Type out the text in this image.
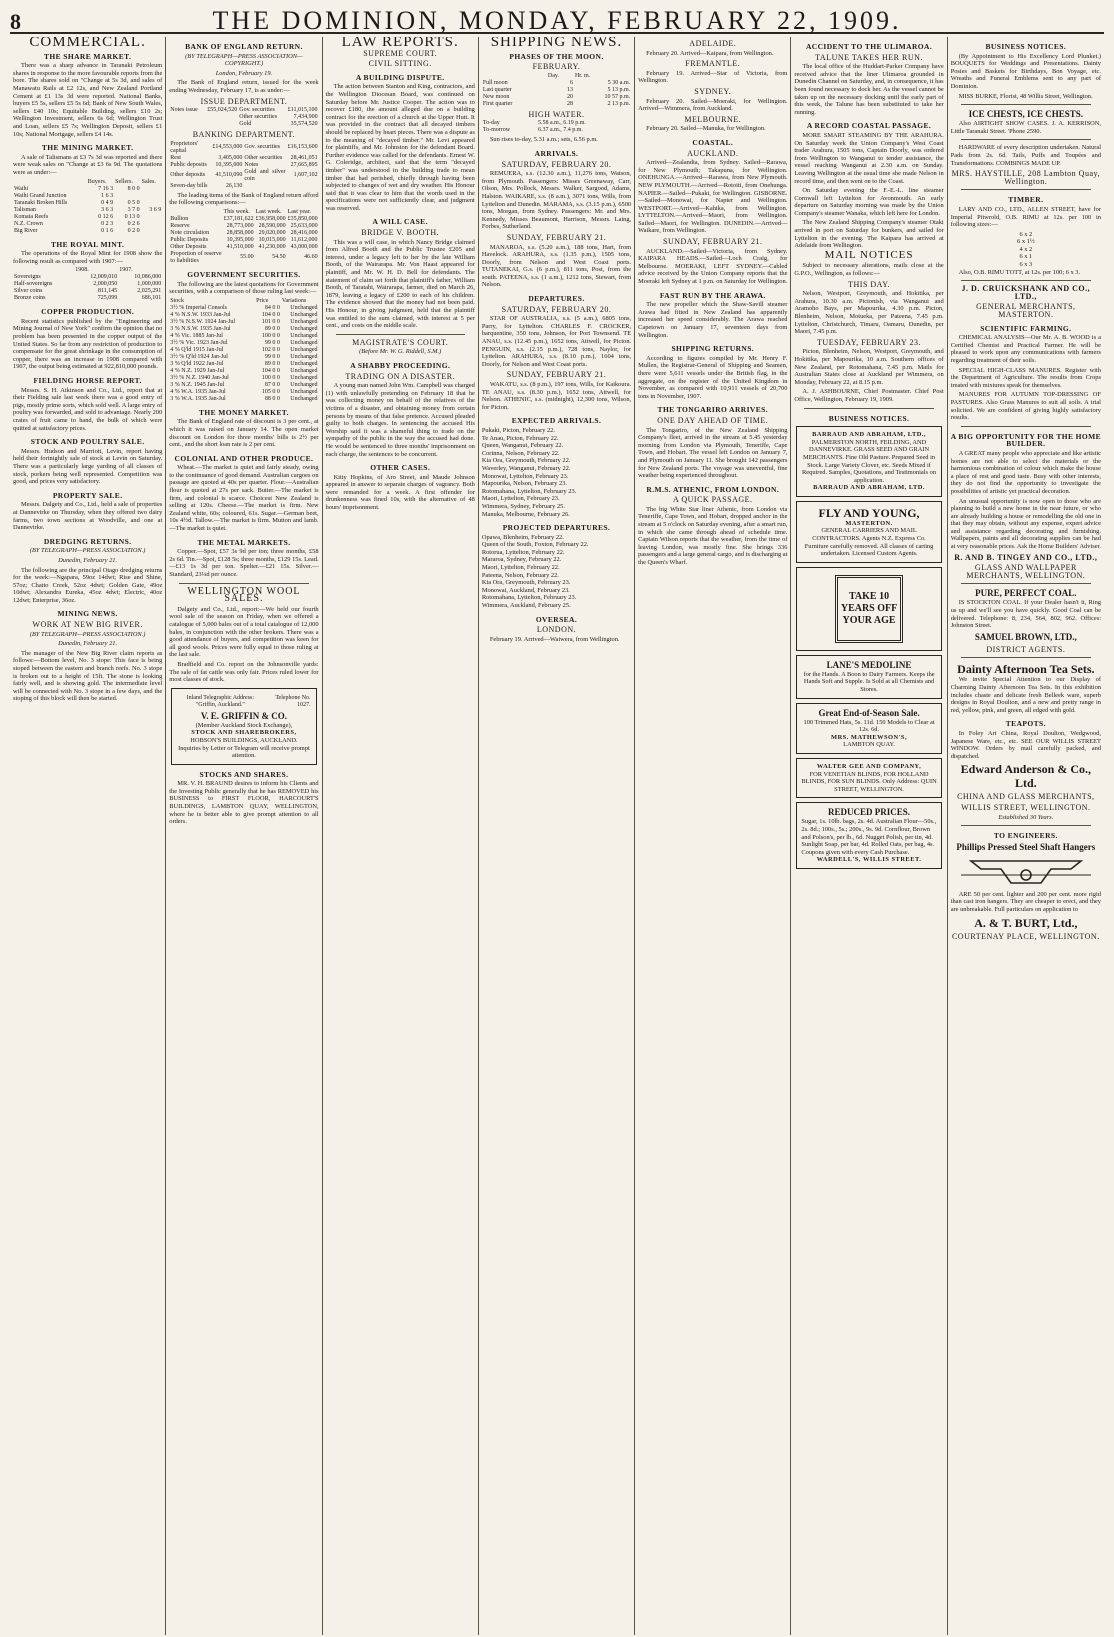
8	THE DOMINION, MONDAY, FEBRUARY 22, 1909.
COMMERCIAL.
THE SHARE MARKET.

There was a sharp advance in Taranaki Petroleum shares in response to the more favourable reports from the bore. The shares sold on "Change at 5s 3d, and sales of Manawatu Rails at £2 12s, and New Zealand Portland Cement at £1 13s 3d were reported. National Banks, buyers £5 5s, sellers £5 5s 6d; Bank of New South Wales, sellers £40 10s; Equitable Building, sellers £10 2s; Wellington Investment, sellers 6s 6d; Wellington Trust and Loan, sellers £5 7s; Wellington Deposit, sellers £1 10s; National Mortgage, sellers £4 14s.

THE MINING MARKET.

A sale of Talismans at £3 7s 3d was reported and there were weak sales on "Change at £3 6s 9d. The quotations were as under:—

	Buyers.	Sellers.	Sales.
Waihi	7 16 3	8 0 0	
Waihi Grand Junction	1 6 3		
Taranaki Broken Hills	0 4 9	0 5 0	
Talisman	3 6 3	3 7 0	3 6 9
Komata Reefs	0 12 6	0 13 0	
N.Z. Crown	0 2 3	0 2 6	
Big River	0 1 6	0 2 0	
THE ROYAL MINT.

The operations of the Royal Mint for 1908 show the following result as compared with 1907:—

	1908.	1907.
Sovereigns	12,009,010	10,086,000
Half-sovereigns	2,000,050	1,000,000
Silver coins	811,145	2,025,291
Bronze coins	725,099	686,101
COPPER PRODUCTION.

Recent statistics published by the "Engineering and Mining Journal of New York" confirm the opinion that no problem has been presented in the copper output of the United States. So far from any restriction of production to compensate for the great shrinkage in the consumption of copper, there was an increase in 1908 compared with 1907, the output being estimated at 922,810,000 pounds.

FIELDING HORSE REPORT.

Messrs. S. H. Atkinson and Co., Ltd., report that at their Fielding sale last week there was a good entry of pigs, mostly prime sorts, which sold well. A large entry of poultry was forwarded, and sold to advantage. Nearly 200 crates of fruit came to hand, the bulk of which were quitted at satisfactory prices.

STOCK AND POULTRY SALE.

Messrs. Hudson and Marriott, Levin, report having held their fortnightly sale of stock at Levin on Saturday. There was a particularly large yarding of all classes of stock, porkers being well represented. Competition was good, and prices very satisfactory.

PROPERTY SALE.

Messrs. Dalgety and Co., Ltd., held a sale of properties at Dannevirke on Thursday, when they offered two dairy farms, two town sections at Woodville, and one at Dannevirke.

DREDGING RETURNS.
(BY TELEGRAPH—PRESS ASSOCIATION.)
Dunedin, February 21.

The following are the principal Otago dredging returns for the week:—Ngapara, 59oz 14dwt; Rise and Shine, 57oz; Chatto Creek, 52oz 4dwt; Golden Gate, 49oz 10dwt; Alexandra Eureka, 45oz 4dwt; Electric, 40oz 12dwt; Enterprise, 36oz.

MINING NEWS.
WORK AT NEW BIG RIVER.
(BY TELEGRAPH—PRESS ASSOCIATION.)
Dunedin, February 21.

The manager of the New Big River claim reports as follows:—Bottom level, No. 3 stope: This face is being stoped between the eastern and branch reefs. No. 3 stope is broken out to a height of 15ft. The stone is looking fairly well, and is showing gold. The intermediate level will be connected with No. 3 stope in a few days, and the stoping of this block will then be started.

BANK OF ENGLAND RETURN.
(BY TELEGRAPH—PRESS ASSOCIATION—COPYRIGHT.)
London, February 19.

The Bank of England return, issued for the week ending Wednesday, February 17, is as under:—

ISSUE DEPARTMENT.
Notes issue	£55,024,520	Gov. securities	£11,015,100
		Other securities	7,434,900
		Gold	35,574,520
BANKING DEPARTMENT.
Proprietors' capital	£14,553,000	Gov. securities	£16,153,600
Rest	3,405,000	Other securities	28,461,051
Public deposits	10,395,000	Notes	27,665,895
Other deposits	41,510,090	Gold and silver coin	1,607,102
Seven-day bills	26,130		

The leading items of the Bank of England return afford the following comparisons:—

	This week.	Last week.	Last year.
Bullion	£37,181,622	£36,958,000	£35,850,000
Reserve	28,773,000	28,590,000	25,633,000
Note circulation	28,858,000	29,020,000	28,416,000
Public Deposits	10,395,000	10,015,000	11,612,000
Other Deposits	41,510,000	41,230,000	43,000,000
Proportion of reserve to liabilities	55.00	54.50	46.60
GOVERNMENT SECURITIES.

The following are the latest quotations for Government securities, with a comparison of those ruling last week:—

Stock	Price	Variations
3½ % Imperial Consols	84 0 0	Unchanged
4 % N.S.W. 1933 Jan-Jul	104 0 0	Unchanged
3½ % N.S.W. 1924 Jan-Jul	101 0 0	Unchanged
3 % N.S.W. 1935 Jan-Jul	89 0 0	Unchanged
4 % Vic. 1885 Jan-Jul	100 0 0	Unchanged
3½ % Vic. 1923 Jan-Jul	99 0 0	Unchanged
4 % Q'ld 1915 Jan-Jul	102 0 0	Unchanged
3½ % Q'ld 1924 Jan-Jul	99 0 0	Unchanged
3 % Q'ld 1922 Jan-Jul	89 0 0	Unchanged
4 % N.Z. 1929 Jan-Jul	104 0 0	Unchanged
3½ % N.Z. 1940 Jan-Jul	100 0 0	Unchanged
3 % N.Z. 1945 Jan-Jul	87 0 0	Unchanged
4 % W.A. 1935 Jan-Jul	105 0 0	Unchanged
3 % W.A. 1935 Jan-Jul	88 0 0	Unchanged
THE MONEY MARKET.

The Bank of England rate of discount is 3 per cent., at which it was raised on January 14. The open market discount on London for three months' bills is 2½ per cent., and the short loan rate is 2 per cent.

COLONIAL AND OTHER PRODUCE.

Wheat.—The market is quiet and fairly steady, owing to the continuance of good demand. Australian cargoes on passage are quoted at 40s per quarter. Flour.—Australian flour is quoted at 27s per sack. Butter.—The market is firm, and colonial is scarce. Choicest New Zealand is selling at 120s. Cheese.—The market is firm. New Zealand white, 60s; coloured, 61s. Sugar.—German beet, 10s 4½d. Tallow.—The market is firm. Mutton and lamb.—The market is quiet.

THE METAL MARKETS.

Copper.—Spot, £57 3s 9d per ton; three months, £58 2s 6d. Tin.—Spot, £128 5s; three months, £129 15s. Lead.—£13 1s 3d per ton. Spelter.—£21 15s. Silver.—Standard, 23¼d per ounce.

WELLINGTON WOOL SALES.

Dalgety and Co., Ltd., report:—We held our fourth wool sale of the season on Friday, when we offered a catalogue of 5,000 bales out of a total catalogue of 12,000 bales, in conjunction with the other brokers. There was a good attendance of buyers, and competition was keen for all good wools. Prices were fully equal to those ruling at the last sale.

Bradfield and Co. report on the Johnsonville yards: The sale of fat cattle was only fair. Prices ruled lower for most classes of stock.

Inland Telegraphic Address:	Telephone No.
"Griffin, Auckland."	1027.
V. E. GRIFFIN & CO.
(Member Auckland Stock Exchange),
STOCK AND SHAREBROKERS,
HOBSON'S BUILDINGS, AUCKLAND.
Inquiries by Letter or Telegram will receive prompt attention.
STOCKS AND SHARES.

MR. V. H. BRAUND desires to inform his Clients and the Investing Public generally that he has REMOVED his BUSINESS to FIRST FLOOR, HARCOURT'S BUILDINGS, LAMBTON QUAY, WELLINGTON, where he is better able to give prompt attention to all orders.

LAW REPORTS.
SUPREME COURT.
CIVIL SITTING.
A BUILDING DISPUTE.

The action between Stanton and King, contractors, and the Wellington Diocesan Board, was continued on Saturday before Mr. Justice Cooper. The action was to recover £180, the amount alleged due on a building contract for the erection of a church at the Upper Hutt. It was provided in the contract that all decayed timbers should be replaced by heart pieces. There was a dispute as to the meaning of "decayed timber." Mr. Levi appeared for plaintiffs, and Mr. Johnston for the defendant Board. Further evidence was called for the defendants. Ernest W. G. Coleridge, architect, said that the term "decayed timber" was understood in the building trade to mean timber that had perished, chiefly through having been subjected to changes of wet and dry weather. His Honour said that it was clear to him that the words used in the specifications were not sufficiently clear, and judgment was reserved.

A WILL CASE.
BRIDGE V. BOOTH.

This was a will case, in which Nancy Bridge claimed from Alfred Booth and the Public Trustee £205 and interest, under a legacy left to her by the late William Booth, of the Wairarapa. Mr. Von Haast appeared for plaintiff, and Mr. W. H. D. Bell for defendants. The statement of claim set forth that plaintiff's father, William Booth, of Taratahi, Wairarapa, farmer, died on March 26, 1879, leaving a legacy of £200 to each of his children. The evidence showed that the money had not been paid. His Honour, in giving judgment, held that the plaintiff was entitled to the sum claimed, with interest at 5 per cent., and costs on the middle scale.

MAGISTRATE'S COURT.
(Before Mr. W. G. Riddell, S.M.)
A SHABBY PROCEEDING.
TRADING ON A DISASTER.

A young man named John Wm. Campbell was charged (1) with unlawfully pretending on February 18 that he was collecting money on behalf of the relatives of the victims of a disaster, and obtaining money from certain persons by means of that false pretence. Accused pleaded guilty to both charges. In sentencing the accused His Worship said it was a shameful thing to trade on the sympathy of the public in the way the accused had done. He would be sentenced to three months' imprisonment on each charge, the sentences to be concurrent.

OTHER CASES.

Kitty Hopkins, of Aro Street, and Maude Johnson appeared in answer to separate charges of vagrancy. Both were remanded for a week. A first offender for drunkenness was fined 10s, with the alternative of 48 hours' imprisonment.

SHIPPING NEWS.
PHASES OF THE MOON.
FEBRUARY.
	Day.	Hr. m.
Full moon	6	5 30 a.m.
Last quarter	13	5 13 p.m.
New moon	20	10 57 p.m.
First quarter	28	2 13 p.m.
HIGH WATER.
To-day	5.58 a.m., 6.19 p.m.
To-morrow	6.37 a.m., 7.4 p.m.

Sun rises to-day, 5.31 a.m.; sets, 6.56 p.m.

ARRIVALS.
SATURDAY, FEBRUARY 20.

REMUERA, s.s. (12.30 a.m.), 11,276 tons, Watson, from Plymouth. Passengers: Misses Greenaway, Carr, Olson, Mrs. Pollock, Messrs. Walker, Sargood, Adams, Halston. WAIKARE, s.s. (8 a.m.), 3071 tons, Wills, from Lyttelton and Dunedin. MARAMA, s.s. (3.15 p.m.), 6500 tons, Morgan, from Sydney. Passengers: Mr. and Mrs. Kennedy, Misses Beaumont, Harrison, Messrs. Laing, Forbes, Sutherland.

SUNDAY, FEBRUARY 21.

MANAROA, s.s. (5.20 a.m.), 188 tons, Hart, from Havelock. ARAHURA, s.s. (1.35 p.m.), 1505 tons, Doorly, from Nelson and West Coast ports. TUTANEKAI, G.s. (6 p.m.), 811 tons, Post, from the south. PATEENA, s.s. (1 a.m.), 1212 tons, Stewart, from Nelson.

DEPARTURES.
SATURDAY, FEBRUARY 20.

STAR OF AUSTRALIA, s.s. (5 a.m.), 6805 tons, Parry, for Lyttelton. CHARLES F. CROCKER, barquentine, 350 tons, Johnson, for Port Townsend. TE ANAU, s.s. (12.45 p.m.), 1652 tons, Attwell, for Picton. PENGUIN, s.s. (2.15 p.m.), 728 tons, Naylor, for Lyttelton. ARAHURA, s.s. (8.10 p.m.), 1604 tons, Doorly, for Nelson and West Coast ports.

SUNDAY, FEBRUARY 21.

WAKATU, s.s. (8 p.m.), 197 tons, Wills, for Kaikoura. TE ANAU, s.s. (8.30 p.m.), 1652 tons, Attwell, for Nelson. ATHENIC, s.s. (midnight), 12,300 tons, Wilson, for Picton.

EXPECTED ARRIVALS.
Pukaki, Picton, February 22.
Te Anau, Picton, February 22.
Queen, Wanganui, February 22.
Corinna, Nelson, February 22.
Kia Ora, Greymouth, February 22.
Waverley, Wanganui, February 22.
Monowai, Lyttelton, February 23.
Mapourika, Nelson, February 23.
Rotomahana, Lyttelton, February 23.
Maori, Lyttelton, February 23.
Wimmera, Sydney, February 25.
Manuka, Melbourne, February 26.
PROJECTED DEPARTURES.
Opawa, Blenheim, February 22.
Queen of the South, Foxton, February 22.
Rotorua, Lyttelton, February 22.
Mararoa, Sydney, February 22.
Maori, Lyttelton, February 22.
Pateena, Nelson, February 22.
Kia Ora, Greymouth, February 23.
Monowai, Auckland, February 23.
Rotomahana, Lyttelton, February 23.
Wimmera, Auckland, February 25.
OVERSEA.
LONDON.

February 19. Arrived—Waiwera, from Wellington.

ADELAIDE.

February 20. Arrived—Kaipara, from Wellington.

FREMANTLE.

February 19. Arrived—Star of Victoria, from Wellington.

SYDNEY.

February 20. Sailed—Moeraki, for Wellington. Arrived—Wimmera, from Auckland.

MELBOURNE.

February 20. Sailed—Manuka, for Wellington.

COASTAL.
AUCKLAND.

Arrived—Zealandia, from Sydney. Sailed—Rarawa, for New Plymouth; Takapuna, for Wellington. ONEHUNGA.—Arrived—Rarawa, from New Plymouth. NEW PLYMOUTH.—Arrived—Rotoiti, from Onehunga. NAPIER.—Sailed—Pukaki, for Wellington. GISBORNE.—Sailed—Monowai, for Napier and Wellington. WESTPORT.—Arrived—Kahika, from Wellington. LYTTELTON.—Arrived—Maori, from Wellington. Sailed—Maori, for Wellington. DUNEDIN.—Arrived—Waikare, from Wellington.

SUNDAY, FEBRUARY 21.

AUCKLAND.—Sailed—Victoria, from Sydney. KAIPARA HEADS.—Sailed—Loch Craig, for Melbourne. MOERAKI, LEFT SYDNEY.—Cabled advice received by the Union Company reports that the Moeraki left Sydney at 1 p.m. on Saturday for Wellington.

FAST RUN BY THE ARAWA.

The new propeller which the Shaw-Savill steamer Arawa had fitted in New Zealand has apparently increased her speed considerably. The Arawa reached Capetown on January 17, seventeen days from Wellington.

SHIPPING RETURNS.

According to figures compiled by Mr. Henry F. Mullen, the Registrar-General of Shipping and Seamen, there were 5,611 vessels under the British flag, in the aggregate, on the register of the United Kingdom in November, as compared with 10,911 vessels of 20,700 tons in November, 1907.

THE TONGARIRO ARRIVES.
ONE DAY AHEAD OF TIME.

The Tongariro, of the New Zealand Shipping Company's fleet, arrived in the stream at 5.45 yesterday morning from London via Plymouth, Teneriffe, Cape Town, and Hobart. The vessel left London on January 7, and Plymouth on January 11. She brought 142 passengers for New Zealand ports. The voyage was uneventful, fine weather being experienced throughout.

R.M.S. ATHENIC, FROM LONDON.
A QUICK PASSAGE.

The big White Star liner Athenic, from London via Teneriffe, Cape Town, and Hobart, dropped anchor in the stream at 5 o'clock on Saturday evening, after a smart run, in which she came through ahead of schedule time. Captain Wilson reports that the weather, from the time of leaving London, was mostly fine. She brings 336 passengers and a large general cargo, and is discharging at the Queen's Wharf.

ACCIDENT TO THE ULIMAROA.
TALUNE TAKES HER RUN.

The local office of the Huddart-Parker Company have received advice that the liner Ulimaroa grounded in Dunedin Channel on Saturday, and, in consequence, it has been found necessary to dock her. As the vessel cannot be taken up on the necessary docking until the early part of this week, the Talune has been substituted to take her running.

A RECORD COASTAL PASSAGE.

MORE SMART STEAMING BY THE ARAHURA. On Saturday week the Union Company's West Coast trader Arahura, 1505 tons, Captain Doorly, was ordered from Wellington to Wanganui to tender assistance, the vessel reaching Wanganui at 2.30 a.m. on Sunday. Leaving Wellington at the usual time she made Nelson in record time, and then went on to the Coast.

On Saturday evening the F.-E.-L. line steamer Cornwall left Lyttelton for Avonmouth. An early departure on Saturday morning was made by the Union Company's steamer Wanaka, which left here for London.

The New Zealand Shipping Company's steamer Otaki arrived in port on Saturday for bunkers, and sailed for Lyttelton in the evening. The Kaipara has arrived at Adelaide from Wellington.

MAIL NOTICES

Subject to necessary alterations, mails close at the G.P.O., Wellington, as follows:—

THIS DAY.

Nelson, Westport, Greymouth, and Hokitika, per Arahura, 10.30 a.m. Pictonish, via Wanganui and Aramoho Bays, per Mapourika, 4.30 p.m. Picton, Blenheim, Nelson, Motueka, per Pateena, 7.45 p.m. Lyttelton, Christchurch, Timaru, Oamaru, Dunedin, per Maori, 7.45 p.m.

TUESDAY, FEBRUARY 23.

Picton, Blenheim, Nelson, Westport, Greymouth, and Hokitika, per Mapourika, 10 a.m. Southern offices of New Zealand, per Rotomahana, 7.45 p.m. Mails for Australian States close at Auckland per Wimmera, on Monday, February 22, at 8.15 p.m.

A. J. ASHBOURNE, Chief Postmaster. Chief Post Office, Wellington, February 19, 1909.

BUSINESS NOTICES.
BARRAUD AND ABRAHAM, LTD.,
PALMERSTON NORTH, FEILDING, AND DANNEVIRKE. GRASS SEED AND GRAIN MERCHANTS. Fine Old Pasture. Prepared Seed in Stock. Large Variety Clover, etc. Seeds Mixed if Required. Samples, Quotations, and Testimonials on application.
BARRAUD AND ABRAHAM, LTD.
FLY AND YOUNG,
MASTERTON.
GENERAL CARRIERS AND MAIL CONTRACTORS. Agents N.Z. Express Co. Furniture carefully removed. All classes of carting undertaken. Licensed Custom Agents.
TAKE 10 YEARS OFF YOUR AGE
LANE'S MEDOLINE
for the Hands. A Boon to Dairy Farmers. Keeps the Hands Soft and Supple. Is Sold at all Chemists and Stores.
Great End-of-Season Sale.
100 Trimmed Hats, 5s. 11d. 150 Models to Clear at 12s. 6d.
MRS. MATHEWSON'S,
LAMBTON QUAY.
WALTER GEE AND COMPANY,
FOR VENETIAN BLINDS, FOR HOLLAND BLINDS, FOR SUN BLINDS. Only Address: QUIN STREET, WELLINGTON.
REDUCED PRICES.
Sugar, 1s. 10lb. bags, 2s. 4d. Australian Flour—50s., 2s. 8d.; 100s., 5s.; 200s., 9s. 9d. Cornflour, Brown and Polson's, per lb., 6d. Nugget Polish, per tin, 4d. Sunlight Soap, per bar, 4d. Rolled Oats, per bag, 4s. Coupons given with every Cash Purchase.
WARDELL'S, WILLIS STREET.
BUSINESS NOTICES.

(By Appointment to His Excellency Lord Plunket.) BOUQUETS for Weddings and Presentations. Dainty Posies and Baskets for Birthdays, Bon Voyage, etc. Wreaths and Funeral Emblems sent to any part of Dominion.

MISS BURKE, Florist, 48 Willis Street, Wellington.

ICE CHESTS, ICE CHESTS.

Also AIRTIGHT SHOW CASES. J. A. KERRISON, Little Taranaki Street. 'Phone 2590.

HARDWARE of every description undertaken. Natural Pads from 2s. 6d. Tails, Puffs and Toupées and Transformations. COMBINGS MADE UP.

MRS. HAYSTILLE, 208 Lambton Quay, Wellington.
TIMBER.

LARY AND CO., LTD., ALLEN STREET, have for Imperial Pitwrold, O.B. RIMU at 12s. per 100 in following sizes:—

6 x 2
6 x 1½
4 x 2
6 x 1
6 x 3

Also, O.B. RIMU TOTT, at 12s. per 100; 6 x 3.

J. D. CRUICKSHANK AND CO., LTD.,
GENERAL MERCHANTS, MASTERTON.
SCIENTIFIC FARMING.

CHEMICAL ANALYSIS—Our Mr. A. B. WOOD is a Certified Chemist and Practical Farmer. He will be pleased to work upon any communications with farmers regarding treatment of their soils.

SPECIAL HIGH-CLASS MANURES. Register with the Department of Agriculture. The results from Crops treated with mixtures speak for themselves.

MANURES FOR AUTUMN TOP-DRESSING OF PASTURES. Also Grass Manures to suit all soils. A trial solicited. We are confident of giving highly satisfactory results.

A BIG OPPORTUNITY FOR THE HOME BUILDER.

A GREAT many people who appreciate and like artistic homes are not able to select the materials or the harmonious combination of colour which make the house a place of rest and good taste. Busy with other interests, they do not find the opportunity to investigate the possibilities of artistic yet practical decoration.

An unusual opportunity is now open to those who are planning to build a new home in the near future, or who are already building a house or remodelling the old one in that they may obtain, without any expense, expert advice and assistance regarding decorating and furnishing. Wallpapers, paints and all decorating supplies can be had at very reasonable prices. Ask the Home Builders' Adviser.

R. AND B. TINGEY AND CO., LTD.,
GLASS AND WALLPAPER MERCHANTS, WELLINGTON.
PURE, PERFECT COAL.

IS STOCKTON COAL. If your Dealer hasn't it, Ring us up and we'll see you have quickly. Good Coal can be delivered. Telephone: 8, 234, 564, 802, 962. Offices: Johnston Street.

SAMUEL BROWN, LTD.,
DISTRICT AGENTS.
Dainty Afternoon Tea Sets.

We invite Special Attention to our Display of Charming Dainty Afternoon Tea Sets. In this exhibition includes chaste and delicate fresh Belleek ware, superb designs in Royal Doulton, and a new and pretty range in red, yellow, pink, and green, all edged with gold.

TEAPOTS.

In Foley Art China, Royal Doulton, Wedgwood, Japanese Ware, etc., etc. SEE OUR WILLIS STREET WINDOW. Orders by mail carefully packed, and dispatched.

Edward Anderson & Co., Ltd.
CHINA AND GLASS MERCHANTS,
WILLIS STREET, WELLINGTON.
Established 30 Years.
TO ENGINEERS.
Phillips Pressed Steel Shaft Hangers

ARE 50 per cent. lighter and 200 per cent. more rigid than cast iron hangers. They are cheaper to erect, and they are unbreakable. Full particulars on application to

A. & T. BURT, Ltd.,
COURTENAY PLACE, WELLINGTON.
